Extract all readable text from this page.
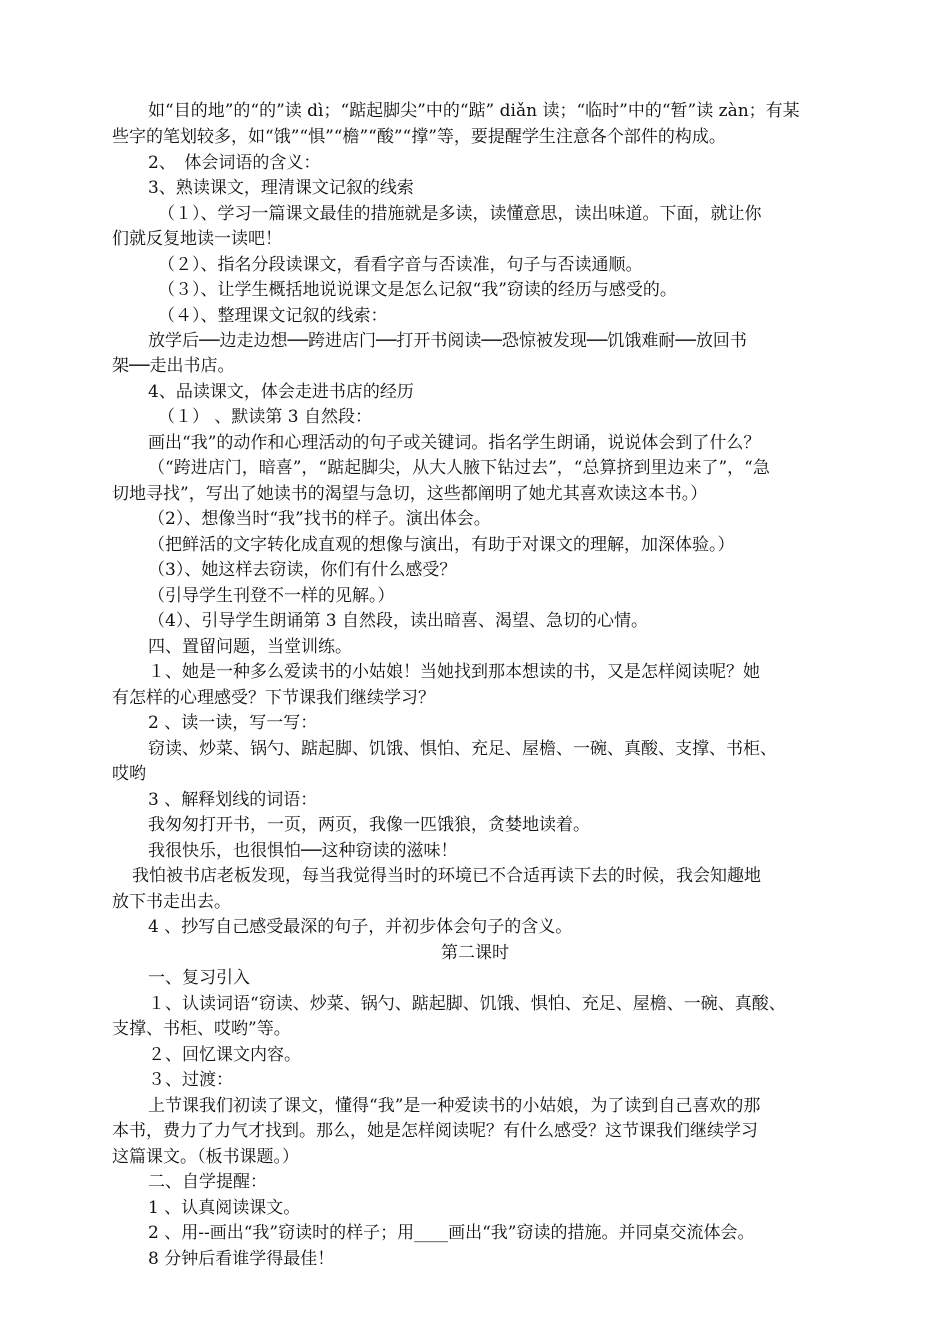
如“目的地”的“的”读 dì；“踮起脚尖”中的“踮” diǎn 读；“临时”中的“暂”读 zàn；有某
些字的笔划较多，如“饿”“惧”“檐”“酸”“撑”等，要提醒学生注意各个部件的构成。
2、　体会词语的含义：
3、熟读课文，理清课文记叙的线索
（１）、学习一篇课文最佳的措施就是多读，读懂意思，读出味道。下面，就让你
们就反复地读一读吧！
（２）、指名分段读课文，看看字音与否读准，句子与否读通顺。
（３）、让学生概括地说说课文是怎么记叙“我”窃读的经历与感受的。
（４）、整理课文记叙的线索：
放学后──边走边想──跨进店门──打开书阅读──恐惊被发现──饥饿难耐──放回书
架──走出书店。
4、品读课文，体会走进书店的经历
（１） 、默读第 3 自然段：
画出“我”的动作和心理活动的句子或关键词。指名学生朗诵，说说体会到了什么？
（“跨进店门，暗喜”，“踮起脚尖，从大人腋下钻过去”，“总算挤到里边来了”，“急
切地寻找”，写出了她读书的渴望与急切，这些都阐明了她尤其喜欢读这本书。）
（2）、想像当时“我”找书的样子。演出体会。
（把鲜活的文字转化成直观的想像与演出，有助于对课文的理解，加深体验。）
（3）、她这样去窃读，你们有什么感受？
（引导学生刊登不一样的见解。）
（4）、引导学生朗诵第 3 自然段，读出暗喜、渴望、急切的心情。
四、置留问题，当堂训练。
１、她是一种多么爱读书的小姑娘！当她找到那本想读的书，又是怎样阅读呢？她
有怎样的心理感受？下节课我们继续学习？
2 、读一读，写一写：
窃读、炒菜、锅勺、踮起脚、饥饿、惧怕、充足、屋檐、一碗、真酸、支撑、书柜、
哎哟
3 、解释划线的词语：
我匆匆打开书，一页，两页，我像一匹饿狼，贪婪地读着。
我很快乐，也很惧怕──这种窃读的滋味！
我怕被书店老板发现，每当我觉得当时的环境已不合适再读下去的时候，我会知趣地
放下书走出去。
4 、抄写自己感受最深的句子，并初步体会句子的含义。
第二课时
一、复习引入
１、认读词语“窃读、炒菜、锅勺、踮起脚、饥饿、惧怕、充足、屋檐、一碗、真酸、
支撑、书柜、哎哟”等。
２、回忆课文内容。
３、过渡：
上节课我们初读了课文，懂得“我”是一种爱读书的小姑娘，为了读到自己喜欢的那
本书，费力了力气才找到。那么，她是怎样阅读呢？有什么感受？这节课我们继续学习
这篇课文。（板书课题。）
二、自学提醒：
1 、认真阅读课文。
2 、用--画出“我”窃读时的样子；用____画出“我”窃读的措施。并同桌交流体会。
8 分钟后看谁学得最佳！
